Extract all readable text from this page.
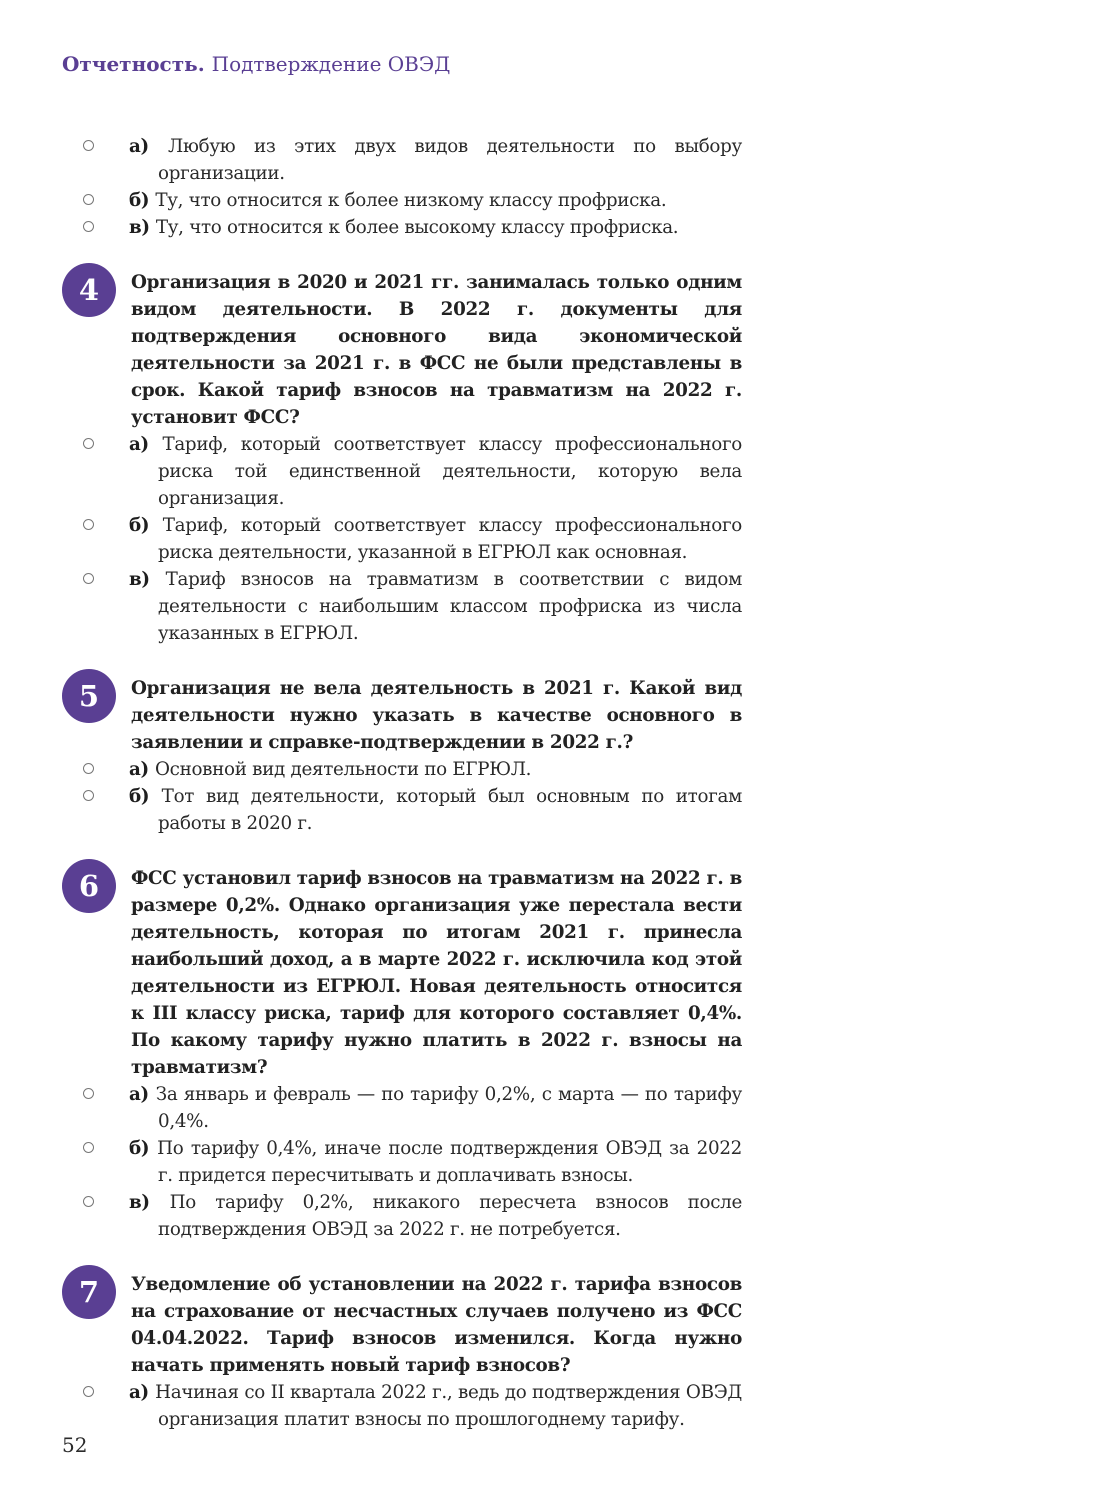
Отчетность. Подтверждение ОВЭД
а) Любую из этих двух видов деятельности по выбору организации.
б) Ту, что относится к более низкому классу профриска.
в) Ту, что относится к более высокому классу профриска.
4	Организация в 2020 и 2021 гг. занималась только одним видом деятельности. В 2022 г. документы для подтверждения основного вида экономической деятельности за 2021 г. в ФСС не были представлены в срок. Какой тариф взносов на травматизм на 2022 г. установит ФСС?
а) Тариф, который соответствует классу профессионального риска той единственной деятельности, которую вела организация.
б) Тариф, который соответствует классу профессионального риска деятельности, указанной в ЕГРЮЛ как основная.
в) Тариф взносов на травматизм в соответствии с видом деятельности с наибольшим классом профриска из числа указанных в ЕГРЮЛ.
5	Организация не вела деятельность в 2021 г. Какой вид деятельности нужно указать в качестве основного в заявлении и справке-подтверждении в 2022 г.?
а) Основной вид деятельности по ЕГРЮЛ.
б) Тот вид деятельности, который был основным по итогам работы в 2020 г.
6	ФСС установил тариф взносов на травматизм на 2022 г. в размере 0,2%. Однако организация уже перестала вести деятельность, которая по итогам 2021 г. принесла наибольший доход, а в марте 2022 г. исключила код этой деятельности из ЕГРЮЛ. Новая деятельность относится к III классу риска, тариф для которого составляет 0,4%. По какому тарифу нужно платить в 2022 г. взносы на травматизм?
а) За январь и февраль — по тарифу 0,2%, с марта — по тарифу 0,4%.
б) По тарифу 0,4%, иначе после подтверждения ОВЭД за 2022 г. придется пересчитывать и доплачивать взносы.
в) По тарифу 0,2%, никакого пересчета взносов после подтверждения ОВЭД за 2022 г. не потребуется.
7	Уведомление об установлении на 2022 г. тарифа взносов на страхование от несчастных случаев получено из ФСС 04.04.2022. Тариф взносов изменился. Когда нужно начать применять новый тариф взносов?
а) Начиная со II квартала 2022 г., ведь до подтверждения ОВЭД организация платит взносы по прошлогоднему тарифу.
52
